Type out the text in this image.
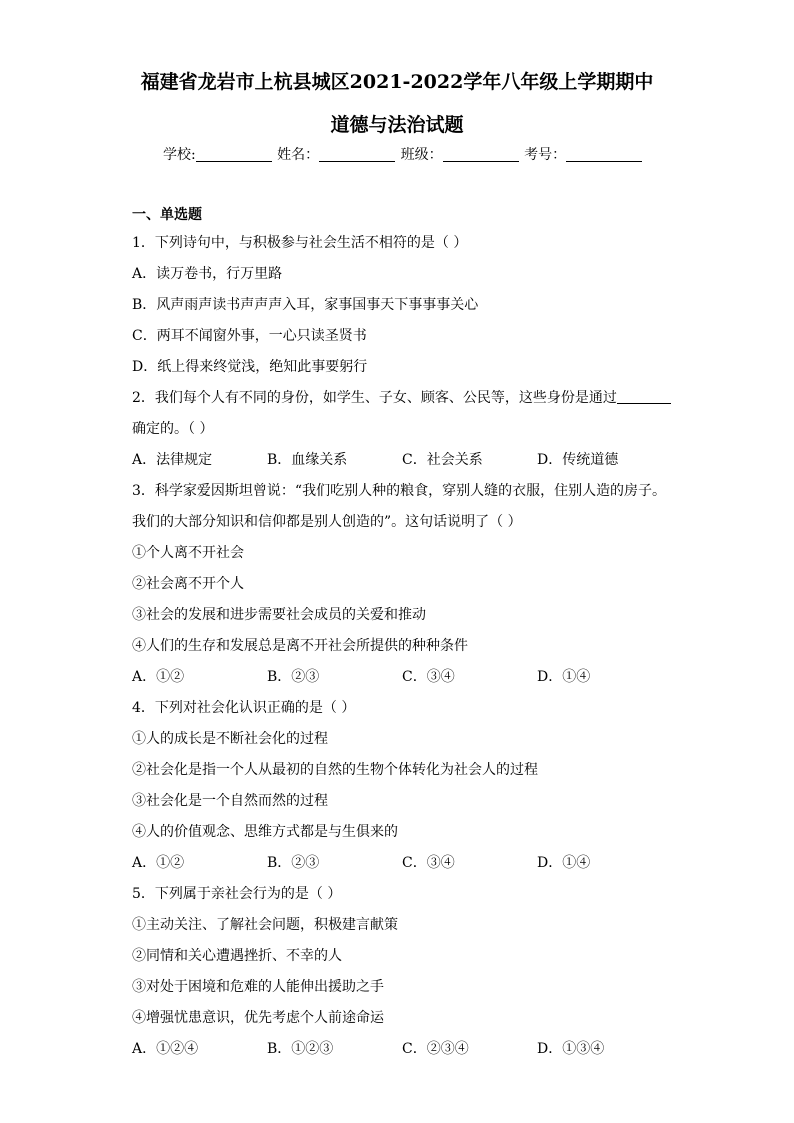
福建省龙岩市上杭县城区2021-2022学年八年级上学期期中
道德与法治试题
学校:	姓名：	班级：	考号：
一、单选题
1．下列诗句中，与积极参与社会生活不相符的是（ ）
A．读万卷书，行万里路
B．风声雨声读书声声声入耳，家事国事天下事事事关心
C．两耳不闻窗外事，一心只读圣贤书
D．纸上得来终觉浅，绝知此事要躬行
2．我们每个人有不同的身份，如学生、子女、顾客、公民等，这些身份是通过
确定的。（ ）
A．法律规定	B．血缘关系	C．社会关系	D．传统道德
3．科学家爱因斯坦曾说：“我们吃别人种的粮食，穿别人缝的衣服，住别人造的房子。
我们的大部分知识和信仰都是别人创造的”。这句话说明了（ ）
①个人离不开社会
②社会离不开个人
③社会的发展和进步需要社会成员的关爱和推动
④人们的生存和发展总是离不开社会所提供的种种条件
A．①②	B．②③	C．③④	D．①④
4．下列对社会化认识正确的是（ ）
①人的成长是不断社会化的过程
②社会化是指一个人从最初的自然的生物个体转化为社会人的过程
③社会化是一个自然而然的过程
④人的价值观念、思维方式都是与生俱来的
A．①②	B．②③	C．③④	D．①④
5．下列属于亲社会行为的是（ ）
①主动关注、了解社会问题，积极建言献策
②同情和关心遭遇挫折、不幸的人
③对处于困境和危难的人能伸出援助之手
④增强忧患意识，优先考虑个人前途命运
A．①②④	B．①②③	C．②③④	D．①③④
